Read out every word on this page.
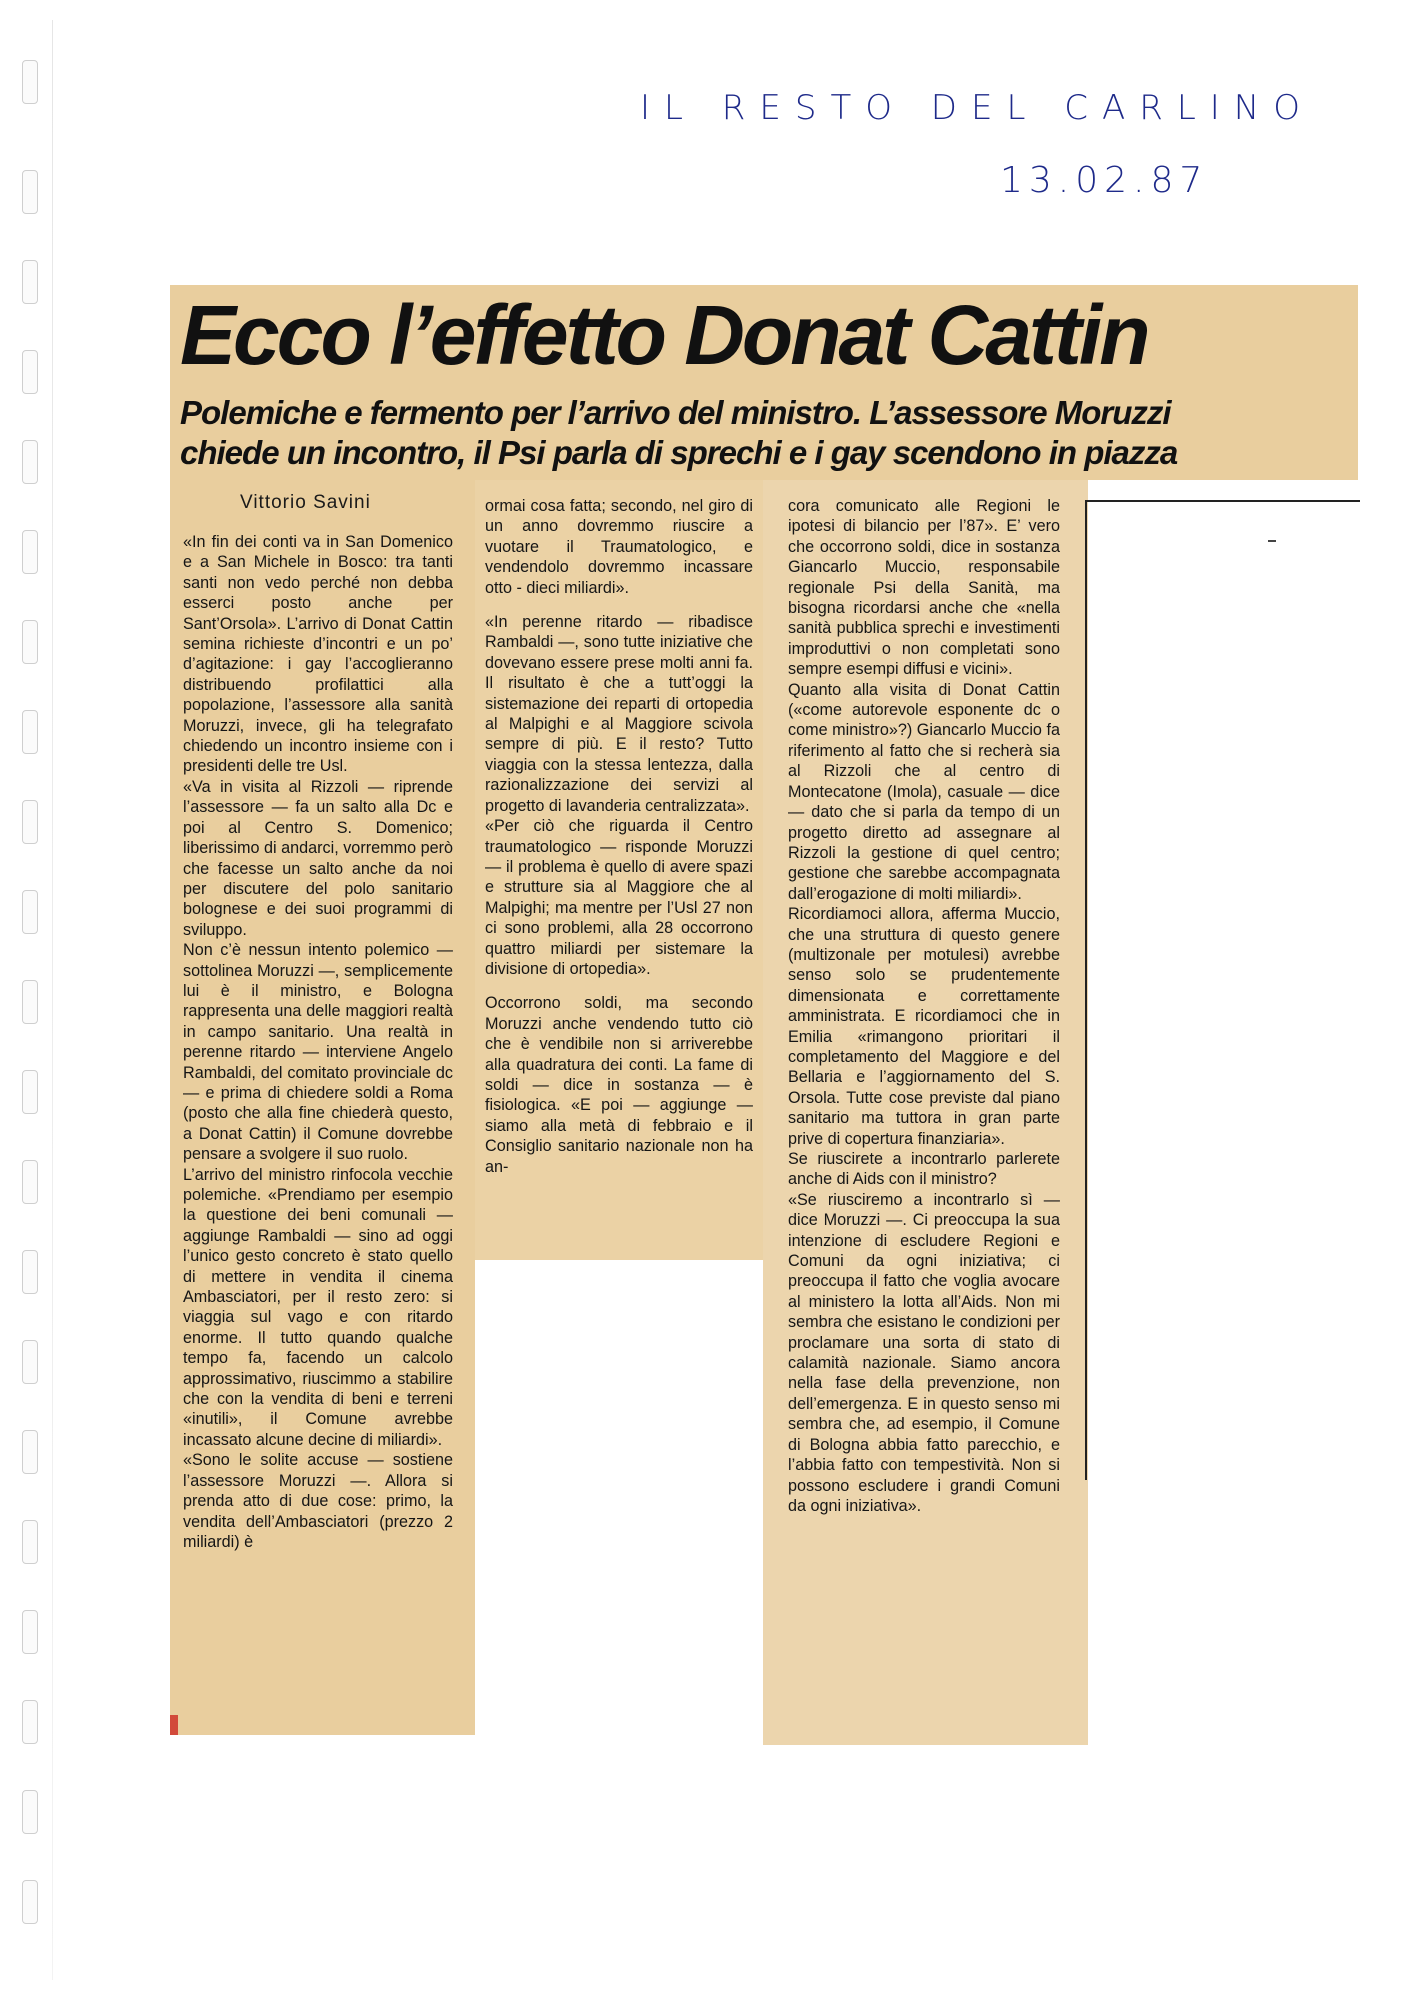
IL RESTO DEL CARLINO
13.02.87
Ecco l’effetto Donat Cattin
Polemiche e fermento per l’arrivo del ministro. L’assessore Moruzzi
chiede un incontro, il Psi parla di sprechi e i gay scendono in piazza
Vittorio Savini

«In fin dei conti va in San Domenico e a San Michele in Bosco: tra tanti santi non vedo perché non debba esserci posto anche per Sant’Orsola». L’arrivo di Donat Cattin semina richieste d’incontri e un po’ d’agitazione: i gay l’accoglieranno distribuendo profilattici alla popolazione, l’assessore alla sanità Moruzzi, invece, gli ha telegrafato chiedendo un incontro insieme con i presidenti delle tre Usl.

«Va in visita al Rizzoli — riprende l’assessore — fa un salto alla Dc e poi al Centro S. Domenico; liberissimo di andarci, vorremmo però che facesse un salto anche da noi per discutere del polo sanitario bolognese e dei suoi programmi di sviluppo.

Non c’è nessun intento polemico — sottolinea Moruzzi —, semplicemente lui è il ministro, e Bologna rappresenta una delle maggiori realtà in campo sanitario. Una realtà in perenne ritardo — interviene Angelo Rambaldi, del comitato provinciale dc — e prima di chiedere soldi a Roma (posto che alla fine chiederà questo, a Donat Cattin) il Comune dovrebbe pensare a svolgere il suo ruolo.

L’arrivo del ministro rinfocola vecchie polemiche. «Prendiamo per esempio la questione dei beni comunali — aggiunge Rambaldi — sino ad oggi l’unico gesto concreto è stato quello di mettere in vendita il cinema Ambasciatori, per il resto zero: si viaggia sul vago e con ritardo enorme. Il tutto quando qualche tempo fa, facendo un calcolo approssimativo, riuscimmo a stabilire che con la vendita di beni e terreni «inutili», il Comune avrebbe incassato alcune decine di miliardi».

«Sono le solite accuse — sostiene l’assessore Moruzzi —. Allora si prenda atto di due cose: primo, la vendita dell’Ambasciatori (prezzo 2 miliardi) è

ormai cosa fatta; secondo, nel giro di un anno dovremmo riuscire a vuotare il Traumatologico, e vendendolo dovremmo incassare otto - dieci miliardi».

«In perenne ritardo — ribadisce Rambaldi —, sono tutte iniziative che dovevano essere prese molti anni fa. Il risultato è che a tutt’oggi la sistemazione dei reparti di ortopedia al Malpighi e al Maggiore scivola sempre di più. E il resto? Tutto viaggia con la stessa lentezza, dalla razionalizzazione dei servizi al progetto di lavanderia centralizzata».

«Per ciò che riguarda il Centro traumatologico — risponde Moruzzi — il problema è quello di avere spazi e strutture sia al Maggiore che al Malpighi; ma mentre per l’Usl 27 non ci sono problemi, alla 28 occorrono quattro miliardi per sistemare la divisione di ortopedia».

Occorrono soldi, ma secondo Moruzzi anche vendendo tutto ciò che è vendibile non si arriverebbe alla quadratura dei conti. La fame di soldi — dice in sostanza — è fisiologica. «E poi — aggiunge — siamo alla metà di febbraio e il Consiglio sanitario nazionale non ha an-

cora comunicato alle Regioni le ipotesi di bilancio per l’87». E’ vero che occorrono soldi, dice in sostanza Giancarlo Muccio, responsabile regionale Psi della Sanità, ma bisogna ricordarsi anche che «nella sanità pubblica sprechi e investimenti improduttivi o non completati sono sempre esempi diffusi e vicini».

Quanto alla visita di Donat Cattin («come autorevole esponente dc o come ministro»?) Giancarlo Muccio fa riferimento al fatto che si recherà sia al Rizzoli che al centro di Montecatone (Imola), casuale — dice — dato che si parla da tempo di un progetto diretto ad assegnare al Rizzoli la gestione di quel centro; gestione che sarebbe accompagnata dall’erogazione di molti miliardi».

Ricordiamoci allora, afferma Muccio, che una struttura di questo genere (multizonale per motulesi) avrebbe senso solo se prudentemente dimensionata e correttamente amministrata. E ricordiamoci che in Emilia «rimangono prioritari il completamento del Maggiore e del Bellaria e l’aggiornamento del S. Orsola. Tutte cose previste dal piano sanitario ma tuttora in gran parte prive di copertura finanziaria».

Se riuscirete a incontrarlo parlerete anche di Aids con il ministro?

«Se riusciremo a incontrarlo sì — dice Moruzzi —. Ci preoccupa la sua intenzione di escludere Regioni e Comuni da ogni iniziativa; ci preoccupa il fatto che voglia avocare al ministero la lotta all’Aids. Non mi sembra che esistano le condizioni per proclamare una sorta di stato di calamità nazionale. Siamo ancora nella fase della prevenzione, non dell’emergenza. E in questo senso mi sembra che, ad esempio, il Comune di Bologna abbia fatto parecchio, e l’abbia fatto con tempestività. Non si possono escludere i grandi Comuni da ogni iniziativa».
